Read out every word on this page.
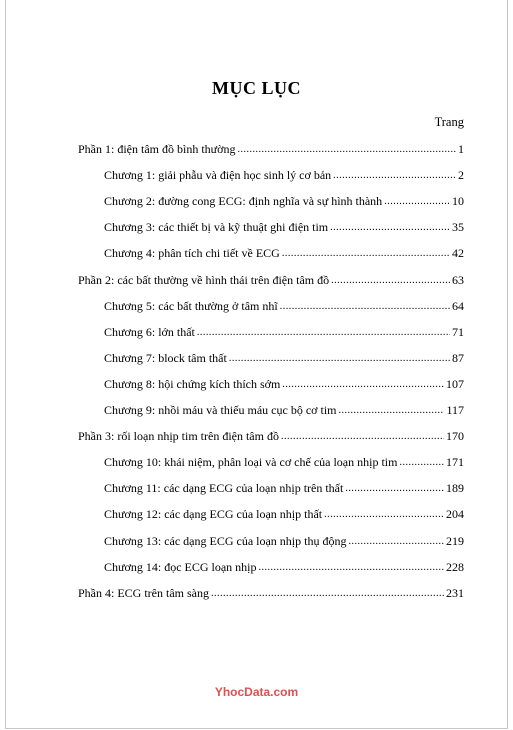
MỤC LỤC
Trang
Phần 1: điện tâm đồ bình thường .....	1
Chương 1: giải phẫu và điện học sinh lý cơ bản .....	2
Chương 2: đường cong ECG: định nghĩa và sự hình thành .....	10
Chương 3: các thiết bị và kỹ thuật ghi điện tim .....	35
Chương 4: phân tích chi tiết về ECG .....	42
Phần 2: các bất thường về hình thái trên điện tâm đồ .....	63
Chương 5: các bất thường ở tâm nhĩ .....	64
Chương 6: lớn thất .....	71
Chương 7: block tâm thất .....	87
Chương 8: hội chứng kích thích sớm .....	107
Chương 9: nhồi máu và thiếu máu cục bộ cơ tim .....	117
Phần 3: rối loạn nhịp tim trên điện tâm đồ .....	170
Chương 10: khái niệm, phân loại và cơ chế của loạn nhịp tim .....	171
Chương 11: các dạng ECG của loạn nhịp trên thất .....	189
Chương 12: các dạng ECG của loạn nhịp thất .....	204
Chương 13: các dạng ECG của loạn nhịp thụ động .....	219
Chương 14: đọc ECG loạn nhịp .....	228
Phần 4: ECG trên tâm sàng .....	231
YhocData.com
